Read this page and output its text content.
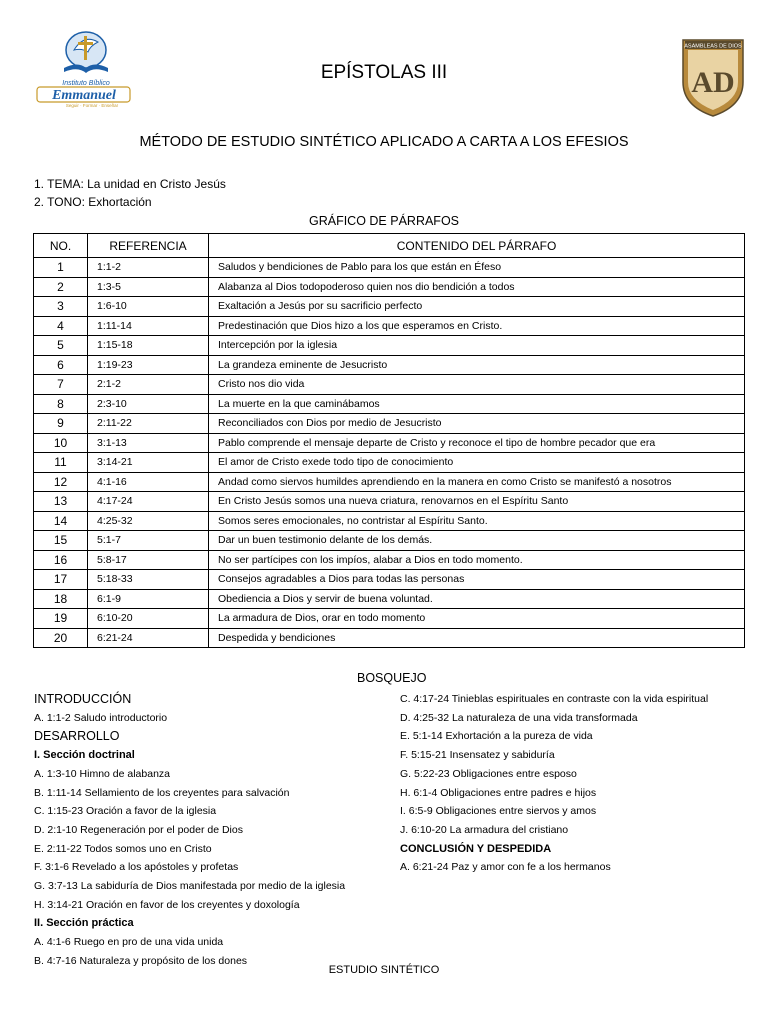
Instituto Bíblico
Emmanuel
Seguir · Formar · Enseñar
EPÍSTOLAS III
ASAMBLEAS DE DIOS
AD
MÉTODO DE ESTUDIO SINTÉTICO APLICADO A CARTA A LOS EFESIOS
1. TEMA: La unidad en Cristo Jesús
2. TONO: Exhortación
GRÁFICO DE PÁRRAFOS
NO.	REFERENCIA	CONTENIDO DEL PÁRRAFO
1	1:1-2	Saludos y bendiciones de Pablo para los que están en Éfeso
2	1:3-5	Alabanza al Dios todopoderoso quien nos dio bendición a todos
3	1:6-10	Exaltación a Jesús por su sacrificio perfecto
4	1:11-14	Predestinación que Dios hizo a los que esperamos en Cristo.
5	1:15-18	Intercepción por la iglesia
6	1:19-23	La grandeza eminente de Jesucristo
7	2:1-2	Cristo nos dio vida
8	2:3-10	La muerte en la que caminábamos
9	2:11-22	Reconciliados con Dios por medio de Jesucristo
10	3:1-13	Pablo comprende el mensaje departe de Cristo y reconoce el tipo de hombre pecador que era
11	3:14-21	El amor de Cristo exede todo tipo de conocimiento
12	4:1-16	Andad como siervos humildes aprendiendo en la manera en como Cristo se manifestó a nosotros
13	4:17-24	En Cristo Jesús somos una nueva criatura, renovarnos en el Espíritu Santo
14	4:25-32	Somos seres emocionales, no contristar al Espíritu Santo.
15	5:1-7	Dar un buen testimonio delante de los demás.
16	5:8-17	No ser partícipes con los impíos, alabar a Dios en todo momento.
17	5:18-33	Consejos agradables a Dios para todas las personas
18	6:1-9	Obediencia a Dios y servir de buena voluntad.
19	6:10-20	La armadura de Dios, orar en todo momento
20	6:21-24	Despedida y bendiciones
BOSQUEJO
INTRODUCCIÓN
A. 1:1-2 Saludo introductorio
DESARROLLO
I. Sección doctrinal
A. 1:3-10 Himno de alabanza
B. 1:11-14 Sellamiento de los creyentes para salvación
C. 1:15-23 Oración a favor de la iglesia
D. 2:1-10 Regeneración por el poder de Dios
E. 2:11-22 Todos somos uno en Cristo
F. 3:1-6 Revelado a los apóstoles y profetas
G. 3:7-13 La sabiduría de Dios manifestada por medio de la iglesia
H. 3:14-21 Oración en favor de los creyentes y doxología
II. Sección práctica
A. 4:1-6 Ruego en pro de una vida unida
B. 4:7-16 Naturaleza y propósito de los dones
C. 4:17-24 Tinieblas espirituales en contraste con la vida espiritual
D. 4:25-32 La naturaleza de una vida transformada
E. 5:1-14 Exhortación a la pureza de vida
F. 5:15-21 Insensatez y sabiduría
G. 5:22-23 Obligaciones entre esposo
H. 6:1-4 Obligaciones entre padres e hijos
I. 6:5-9 Obligaciones entre siervos y amos
J. 6:10-20 La armadura del cristiano
CONCLUSIÓN Y DESPEDIDA
A. 6:21-24 Paz y amor con fe a los hermanos
ESTUDIO SINTÉTICO
